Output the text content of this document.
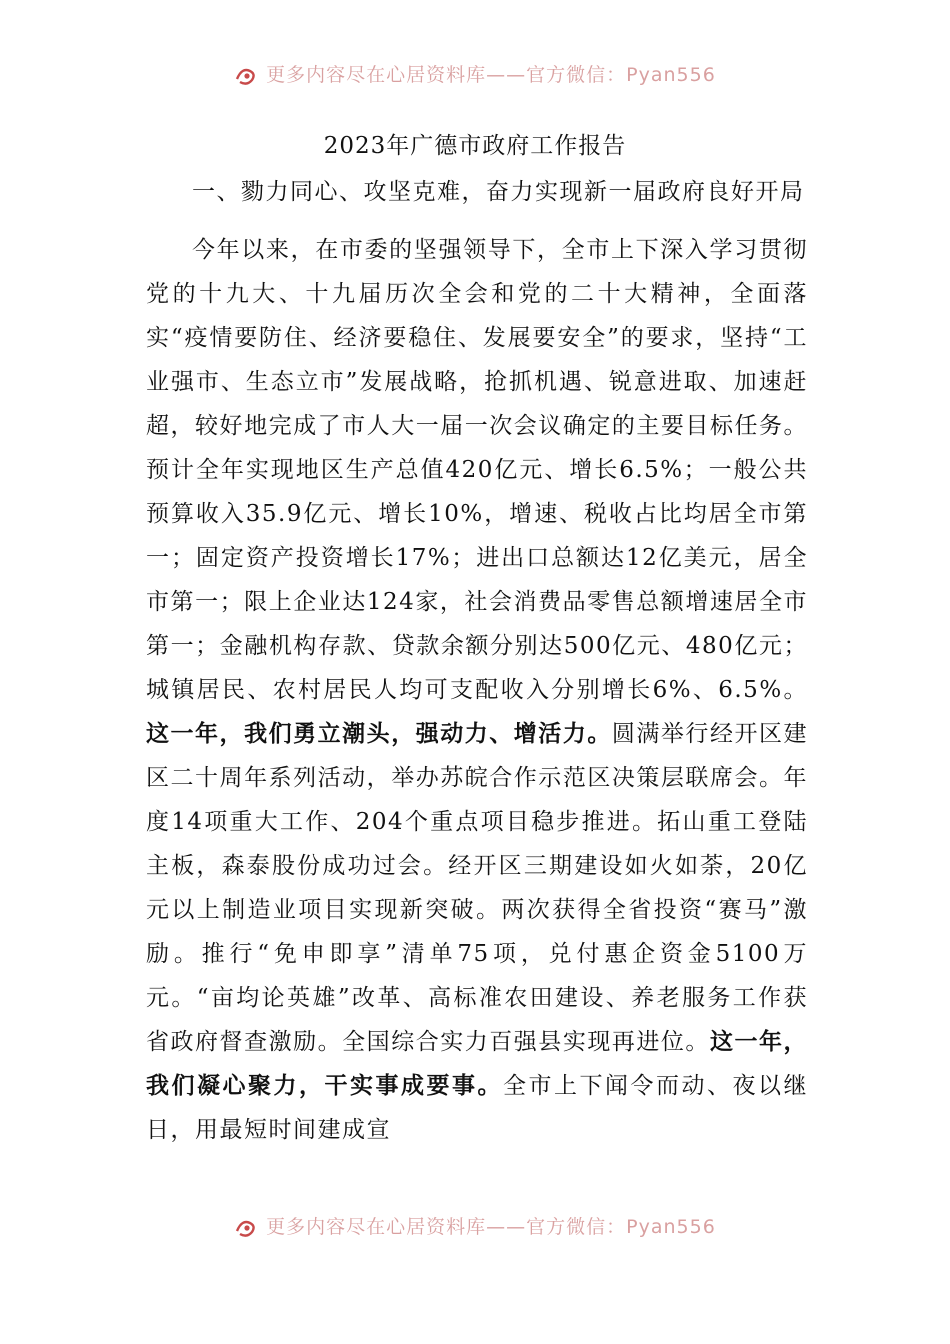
更多内容尽在心居资料库——官方微信：Pyan556
2023年广德市政府工作报告

一、勠力同心、攻坚克难，奋力实现新一届政府良好开局

今年以来，在市委的坚强领导下，全市上下深入学习贯彻党的十九大、十九届历次全会和党的二十大精神，全面落实“疫情要防住、经济要稳住、发展要安全”的要求，坚持“工业强市、生态立市”发展战略，抢抓机遇、锐意进取、加速赶超，较好地完成了市人大一届一次会议确定的主要目标任务。预计全年实现地区生产总值420亿元、增长6.5%；一般公共预算收入35.9亿元、增长10%，增速、税收占比均居全市第一；固定资产投资增长17%；进出口总额达12亿美元，居全市第一；限上企业达124家，社会消费品零售总额增速居全市第一；金融机构存款、贷款余额分别达500亿元、480亿元；城镇居民、农村居民人均可支配收入分别增长6%、6.5%。这一年，我们勇立潮头，强动力、增活力。圆满举行经开区建区二十周年系列活动，举办苏皖合作示范区决策层联席会。年度14项重大工作、204个重点项目稳步推进。拓山重工登陆主板，森泰股份成功过会。经开区三期建设如火如荼，20亿元以上制造业项目实现新突破。两次获得全省投资“赛马”激励。推行“免申即享”清单75项，兑付惠企资金5100万元。“亩均论英雄”改革、高标准农田建设、养老服务工作获省政府督查激励。全国综合实力百强县实现再进位。这一年，我们凝心聚力，干实事成要事。全市上下闻令而动、夜以继日，用最短时间建成宣

更多内容尽在心居资料库——官方微信：Pyan556
